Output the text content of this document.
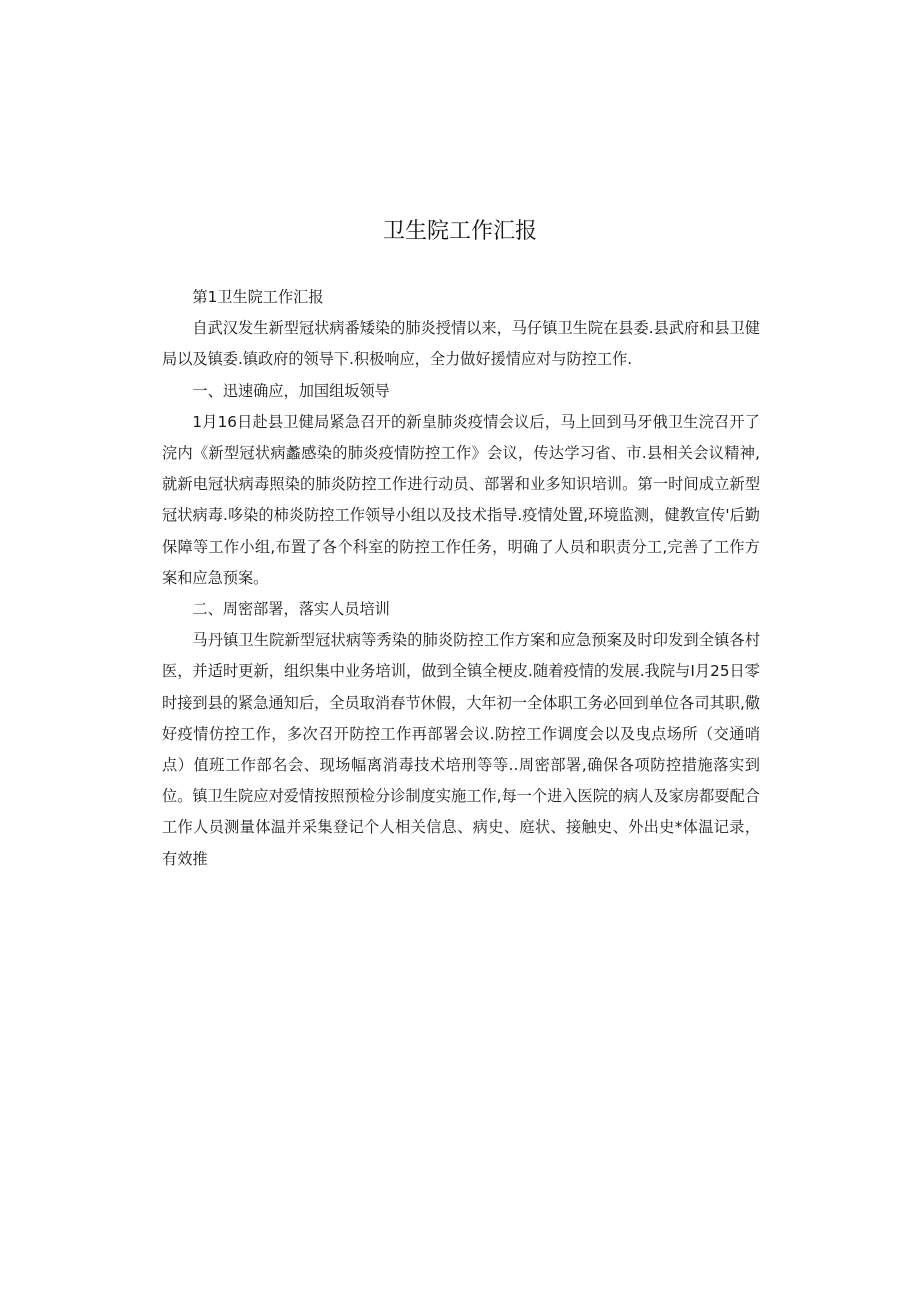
卫生院工作汇报

第1卫生院工作汇报

自武汉发生新型冠状病番矮染的肺炎授情以来，马仔镇卫生院在县委.县武府和县卫健局以及镇委.镇政府的领导下.积极响应，全力做好援情应对与防控工作.

一、迅速确应，加国组坂领导

1月16日赴县卫健局紧急召开的新皇肺炎疫情会议后，马上回到马牙俄卫生浣召开了浣内《新型冠状病蠡感染的肺炎疫情防控工作》会议，传达学习省、市.县相关会议精神,就新电冠状病毒照染的肺炎防控工作进行动员、部署和业多知识培训。第一时间成立新型冠状病毒.哆染的柿炎防控工作领导小组以及技术指导.疫情处置,环境监测，健教宣传'后勤保障等工作小组,布置了各个科室的防控工作任务，明确了人员和职责分工,完善了工作方案和应急预案。

二、周密部署，落实人员培训

马丹镇卫生院新型冠状病等秀染的肺炎防控工作方案和应急预案及时印发到全镇各村医，并适时更新，组织集中业务培训，做到全镇全梗皮.随着疫情的发展.我院与I月25日零时接到县的紧急通知后，全员取消春节休假，大年初一全体职工务必回到单位各司其职,儆好疫情仿控工作，多次召开防控工作再部署会议.防控工作调度会以及曳点场所（交通哨点）值班工作部名会、现场幅离消毒技术培刑等等..周密部署,确保各项防控措施落实到位。镇卫生院应对爱情按照预检分诊制度实施工作,每一个进入医院的病人及家房都耍配合工作人员测量体温并采集登记个人相关信息、病史、庭状、接触史、外出史*体温记录，有效推
